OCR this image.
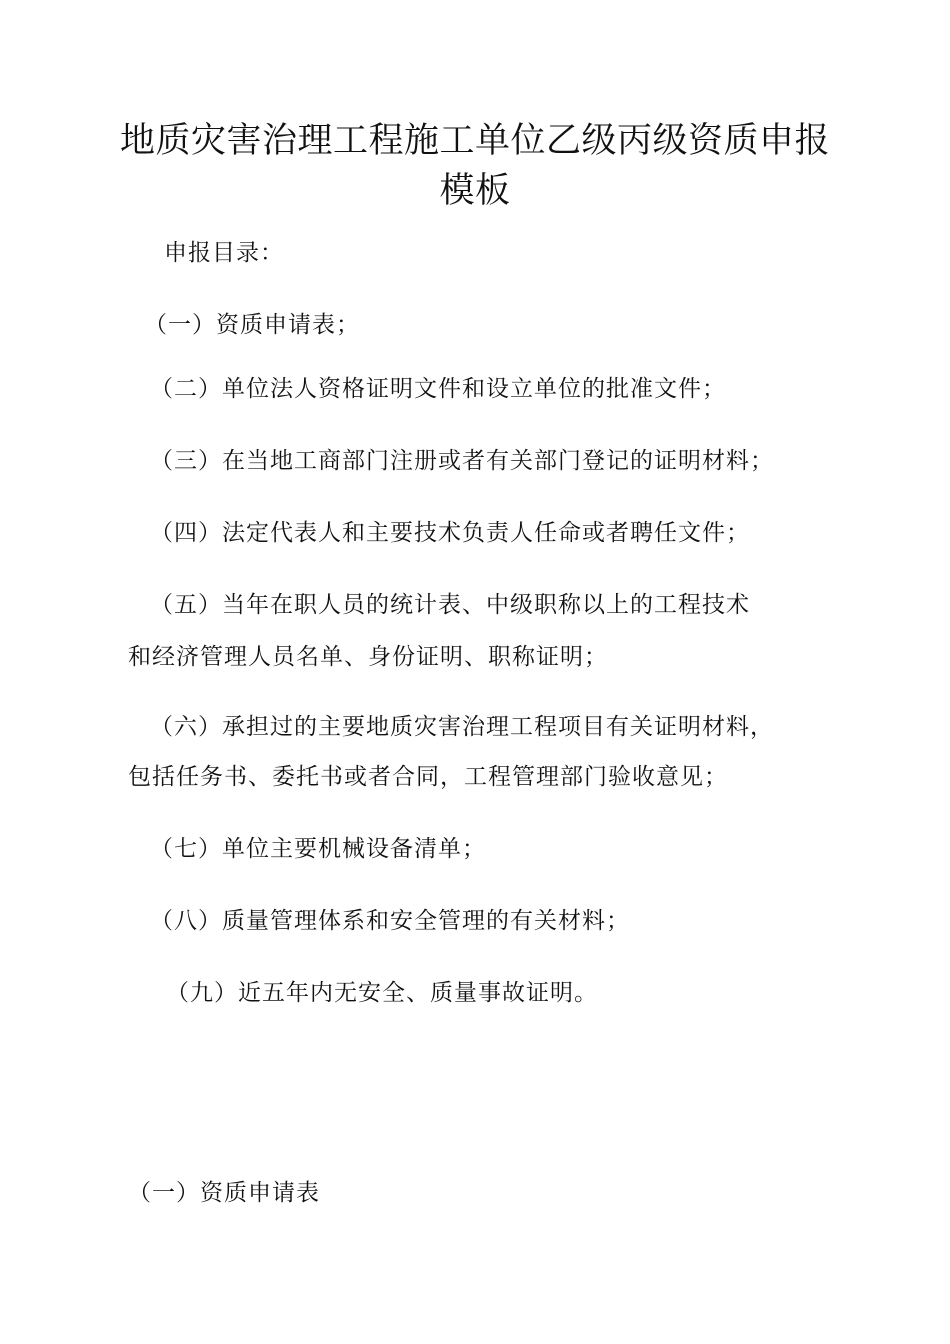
地质灾害治理工程施工单位乙级丙级资质申报
模板
申报目录：
（一）资质申请表；
（二）单位法人资格证明文件和设立单位的批准文件；
（三）在当地工商部门注册或者有关部门登记的证明材料；
（四）法定代表人和主要技术负责人任命或者聘任文件；
（五）当年在职人员的统计表、中级职称以上的工程技术
和经济管理人员名单、身份证明、职称证明；
（六）承担过的主要地质灾害治理工程项目有关证明材料，
包括任务书、委托书或者合同，工程管理部门验收意见；
（七）单位主要机械设备清单；
（八）质量管理体系和安全管理的有关材料；
（九）近五年内无安全、质量事故证明。
（一）资质申请表
